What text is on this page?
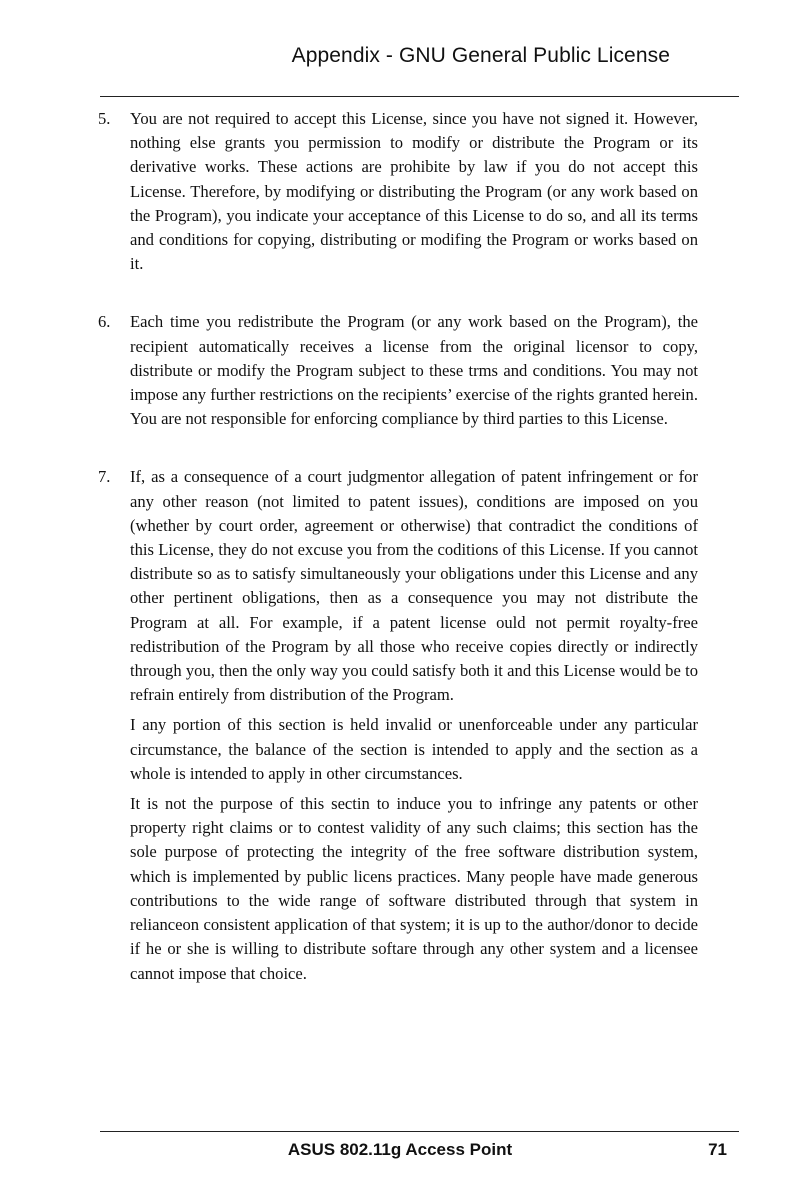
Appendix - GNU General Public License
5. You are not required to accept this License, since you have not signed it. However, nothing else grants you permission to modify or distribute the Program or its derivative works. These actions are prohibite by law if you do not accept this License. Therefore, by modifying or distributing the Program (or any work based on the Program), you indicate your acceptance of this License to do so, and all its terms and conditions for copying, distributing or modifing the Program or works based on it.

6. Each time you redistribute the Program (or any work based on the Program), the recipient automatically receives a license from the original licensor to copy, distribute or modify the Program subject to these trms and conditions. You may not impose any further restrictions on the recipients’ exercise of the rights granted herein. You are not responsible for enforcing compliance by third parties to this License.

7. If, as a consequence of a court judgmentor allegation of patent infringement or for any other reason (not limited to patent issues), conditions are imposed on you (whether by court order, agreement or otherwise) that contradict the conditions of this License, they do not excuse you from the coditions of this License. If you cannot distribute so as to satisfy simultaneously your obligations under this License and any other pertinent obligations, then as a consequence you may not distribute the Program at all. For example, if a patent license ould not permit royalty-free redistribution of the Program by all those who receive copies directly or indirectly through you, then the only way you could satisfy both it and this License would be to refrain entirely from distribution of the Program.

I any portion of this section is held invalid or unenforceable under any particular circumstance, the balance of the section is intended to apply and the section as a whole is intended to apply in other circumstances.

It is not the purpose of this sectin to induce you to infringe any patents or other property right claims or to contest validity of any such claims; this section has the sole purpose of protecting the integrity of the free software distribution system, which is implemented by public licens practices. Many people have made generous contributions to the wide range of software distributed through that system in relianceon consistent application of that system; it is up to the author/donor to decide if he or she is willing to distribute softare through any other system and a licensee cannot impose that choice.

ASUS 802.11g Access Point	71
